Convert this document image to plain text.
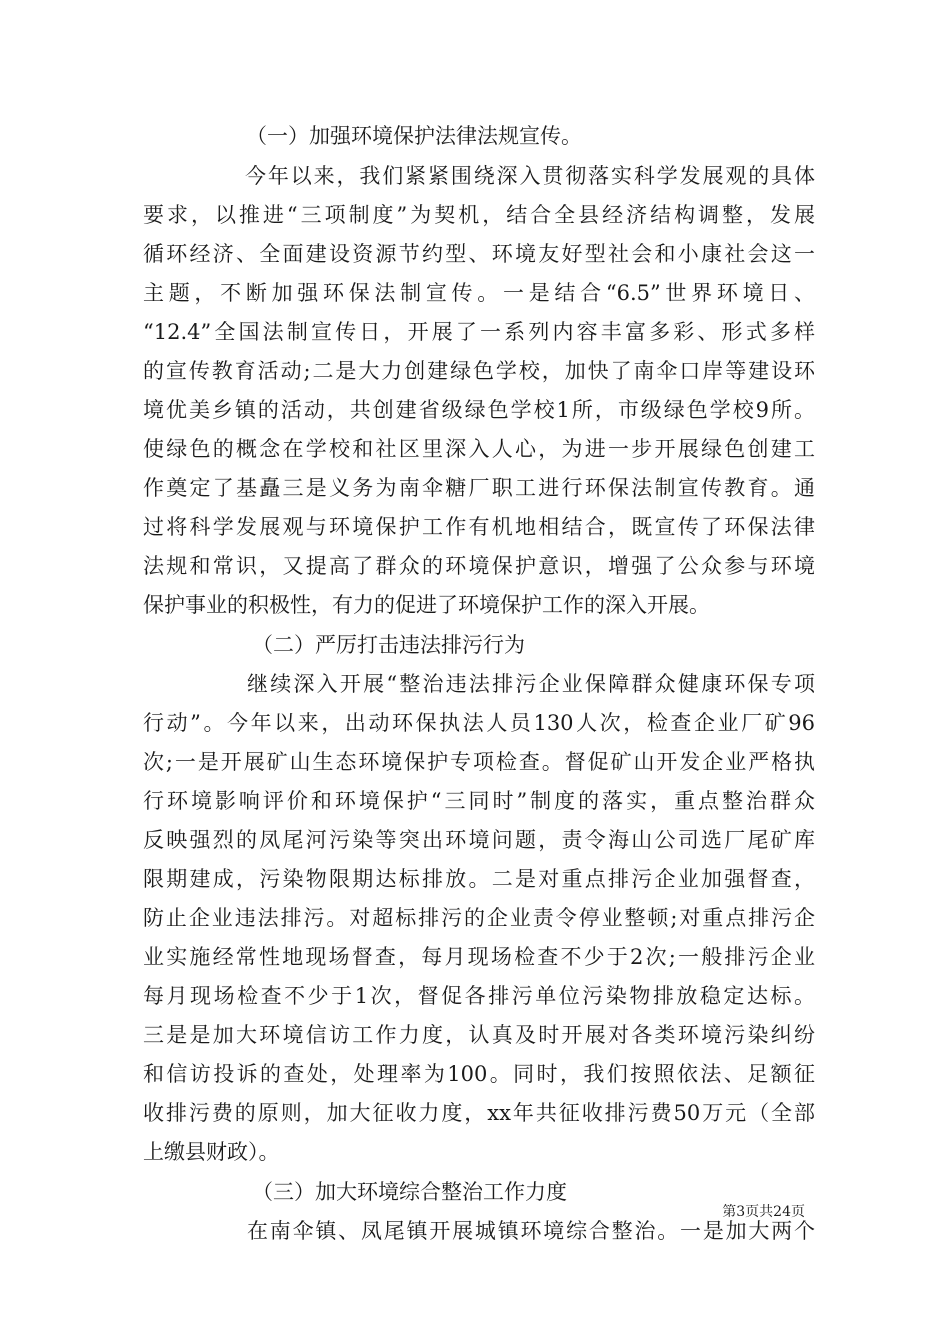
（一）加强环境保护法律法规宣传。
今年以来，我们紧紧围绕深入贯彻落实科学发展观的具体
要求，以推进“三项制度”为契机，结合全县经济结构调整，发展
循环经济、全面建设资源节约型、环境友好型社会和小康社会这一
主题，不断加强环保法制宣传。一是结合“6.5”世界环境日、
“12.4”全国法制宣传日，开展了一系列内容丰富多彩、形式多样
的宣传教育活动;二是大力创建绿色学校，加快了南伞口岸等建设环
境优美乡镇的活动，共创建省级绿色学校1所，市级绿色学校9所。
使绿色的概念在学校和社区里深入人心，为进一步开展绿色创建工
作奠定了基矗三是义务为南伞糖厂职工进行环保法制宣传教育。通
过将科学发展观与环境保护工作有机地相结合，既宣传了环保法律
法规和常识，又提高了群众的环境保护意识，增强了公众参与环境
保护事业的积极性，有力的促进了环境保护工作的深入开展。
（二）严厉打击违法排污行为
继续深入开展“整治违法排污企业保障群众健康环保专项
行动”。今年以来，出动环保执法人员130人次，检查企业厂矿96
次;一是开展矿山生态环境保护专项检查。督促矿山开发企业严格执
行环境影响评价和环境保护“三同时”制度的落实，重点整治群众
反映强烈的凤尾河污染等突出环境问题，责令海山公司选厂尾矿库
限期建成，污染物限期达标排放。二是对重点排污企业加强督查，
防止企业违法排污。对超标排污的企业责令停业整顿;对重点排污企
业实施经常性地现场督查，每月现场检查不少于2次;一般排污企业
每月现场检查不少于1次，督促各排污单位污染物排放稳定达标。
三是是加大环境信访工作力度，认真及时开展对各类环境污染纠纷
和信访投诉的查处，处理率为100。同时，我们按照依法、足额征
收排污费的原则，加大征收力度，xx年共征收排污费50万元（全部
上缴县财政）。
（三）加大环境综合整治工作力度
在南伞镇、凤尾镇开展城镇环境综合整治。一是加大两个
第3页共24页
